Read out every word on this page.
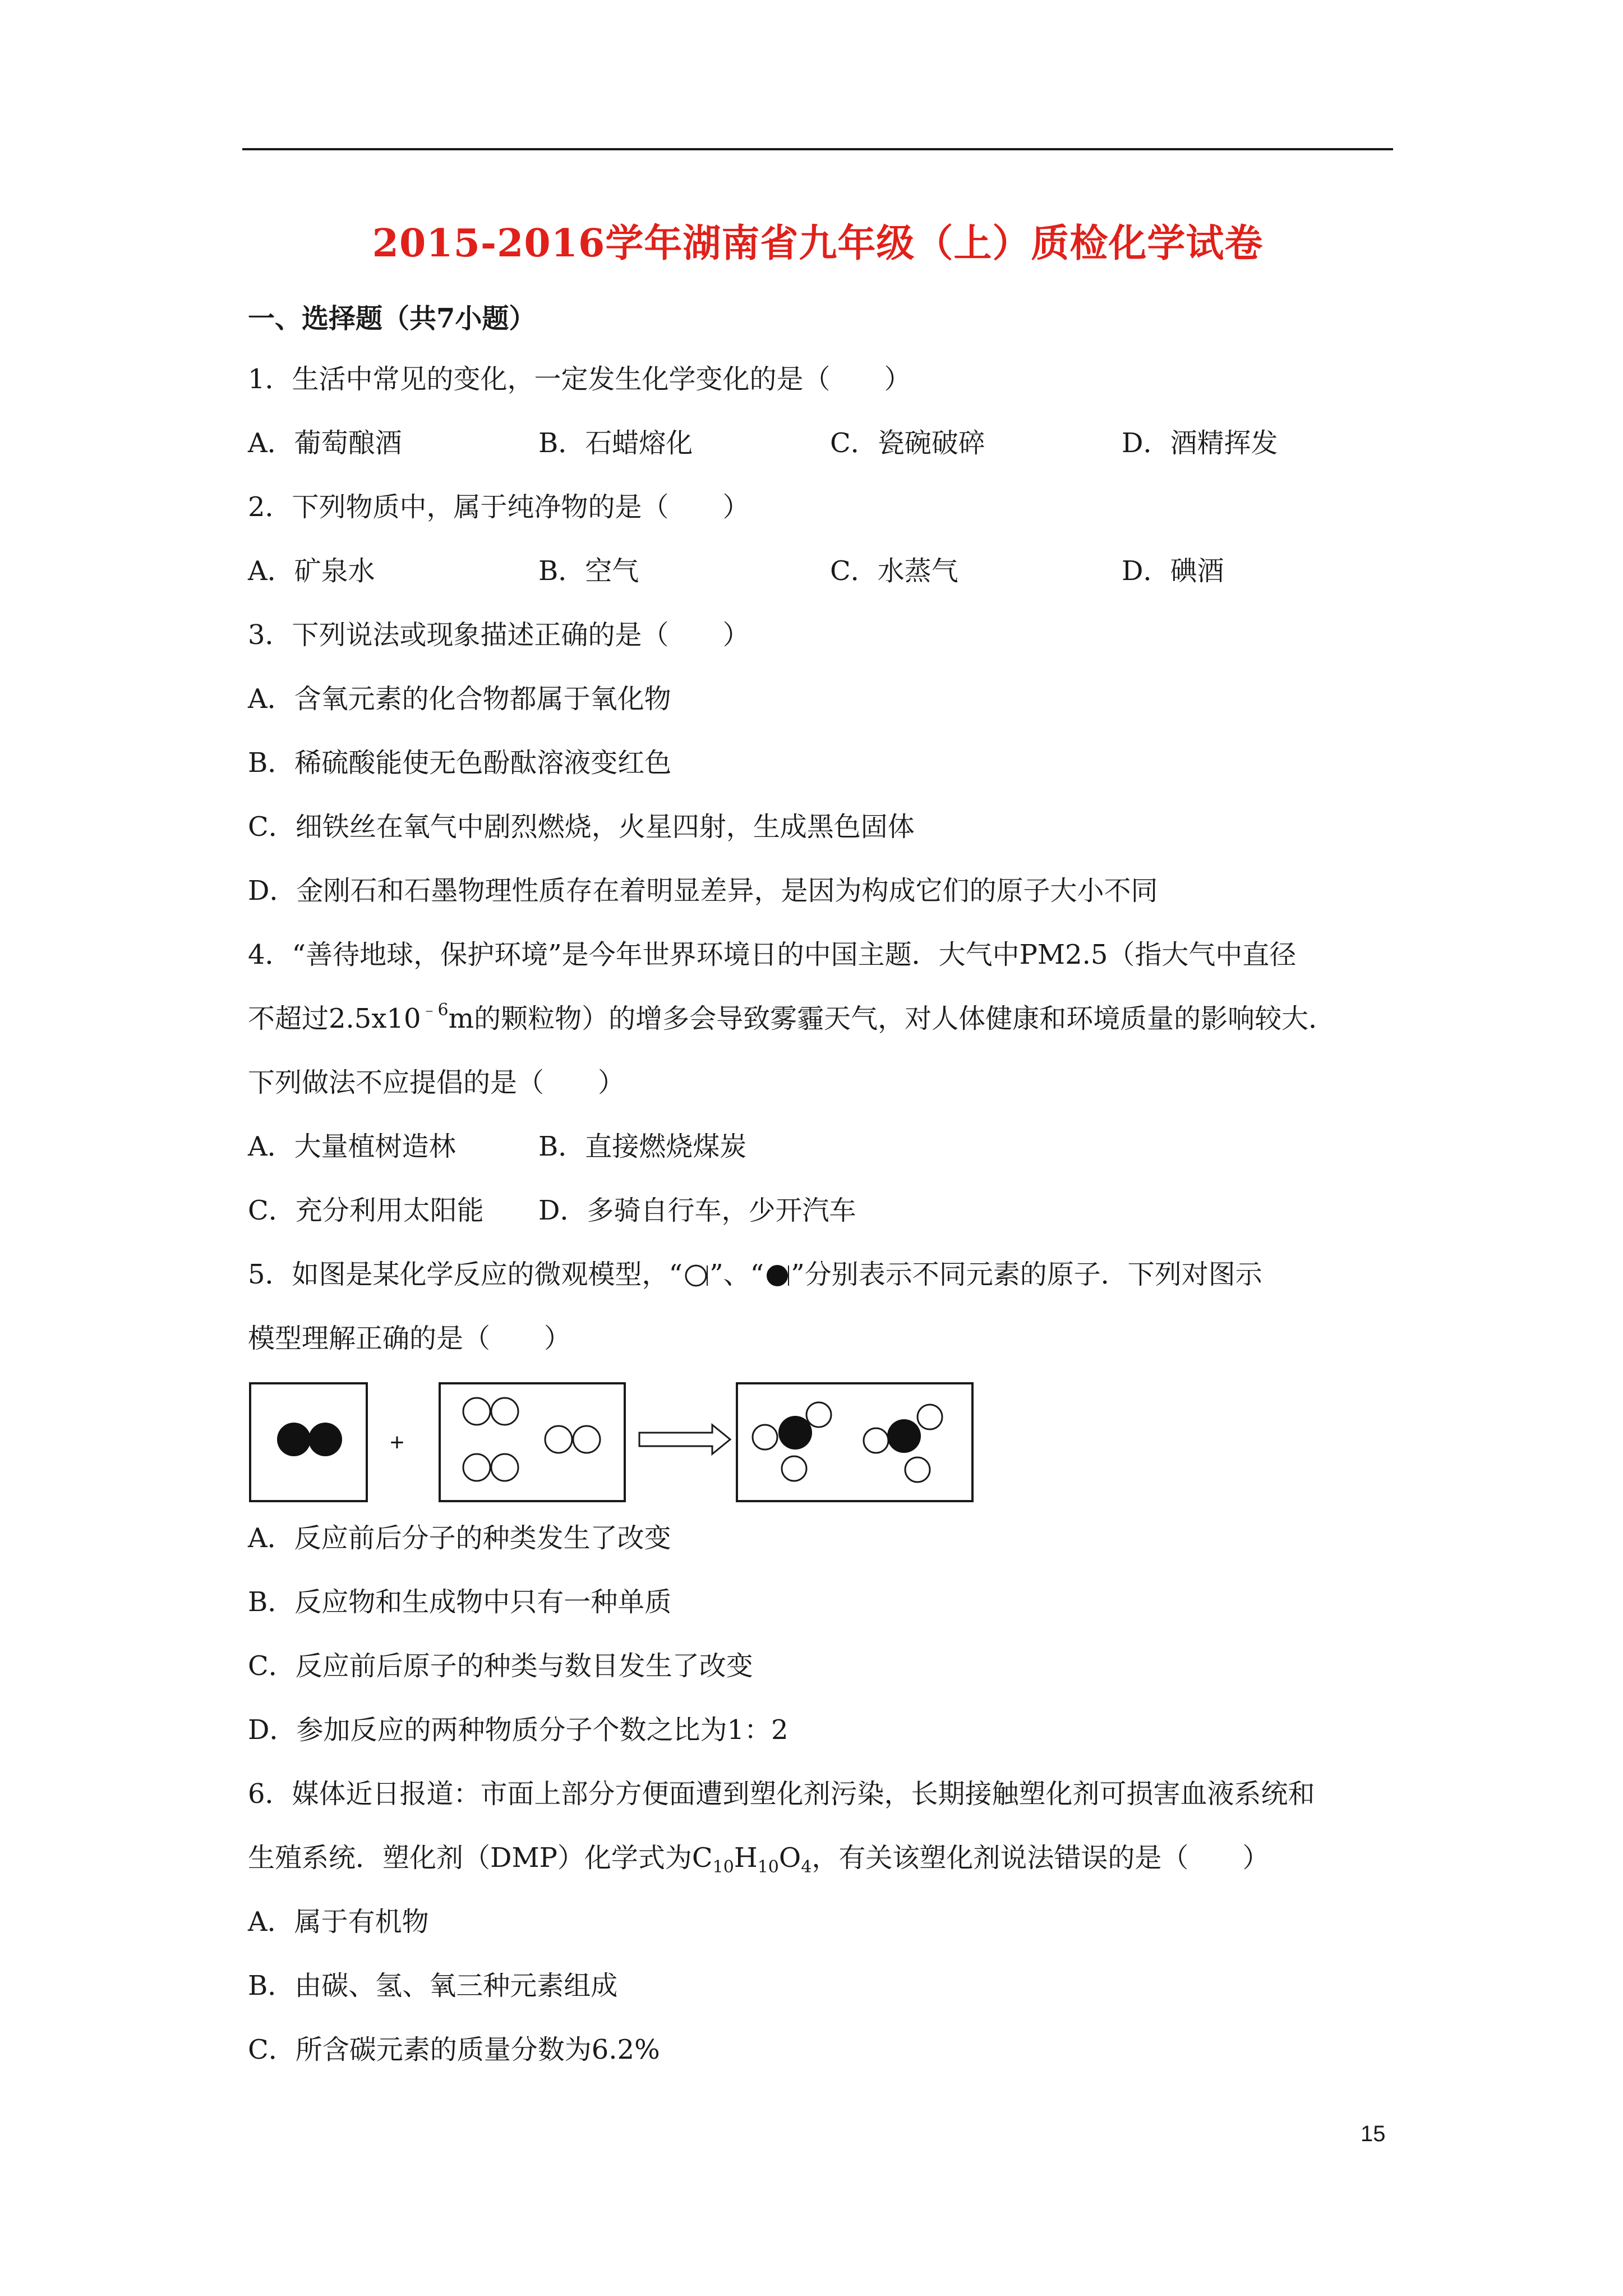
2015-2016学年湖南省九年级（上）质检化学试卷
一、选择题（共7小题）
1．生活中常见的变化，一定发生化学变化的是（　　）
A．葡萄酿酒	B．石蜡熔化	C．瓷碗破碎	D．酒精挥发
2．下列物质中，属于纯净物的是（　　）
A．矿泉水	B．空气	C．水蒸气	D．碘酒
3．下列说法或现象描述正确的是（　　）
A．含氧元素的化合物都属于氧化物
B．稀硫酸能使无色酚酞溶液变红色
C．细铁丝在氧气中剧烈燃烧，火星四射，生成黑色固体
D．金刚石和石墨物理性质存在着明显差异，是因为构成它们的原子大小不同
4．“善待地球，保护环境”是今年世界环境日的中国主题．大气中PM2.5（指大气中直径
不超过$2.5x10^{﹣6}m$的颗粒物）的增多会导致雾霾天气，对人体健康和环境质量的影响较大．
下列做法不应提倡的是（　　）
A．大量植树造林	B．直接燃烧煤炭
C．充分利用太阳能 D．多骑自行车，少开汽车
5．如图是某化学反应的微观模型，“ ”、“ ”分别表示不同元素的原子．下列对图示
模型理解正确的是（　　）
+
A．反应前后分子的种类发生了改变
B．反应物和生成物中只有一种单质
C．反应前后原子的种类与数目发生了改变
D．参加反应的两种物质分子个数之比为1：2
6．媒体近日报道：市面上部分方便面遭到塑化剂污染，长期接触塑化剂可损害血液系统和
生殖系统．塑化剂（DMP）化学式为$C_{10}H_{10}O_4$，有关该塑化剂说法错误的是（　　）
A．属于有机物
B．由碳、氢、氧三种元素组成
C．所含碳元素的质量分数为6.2%
15
